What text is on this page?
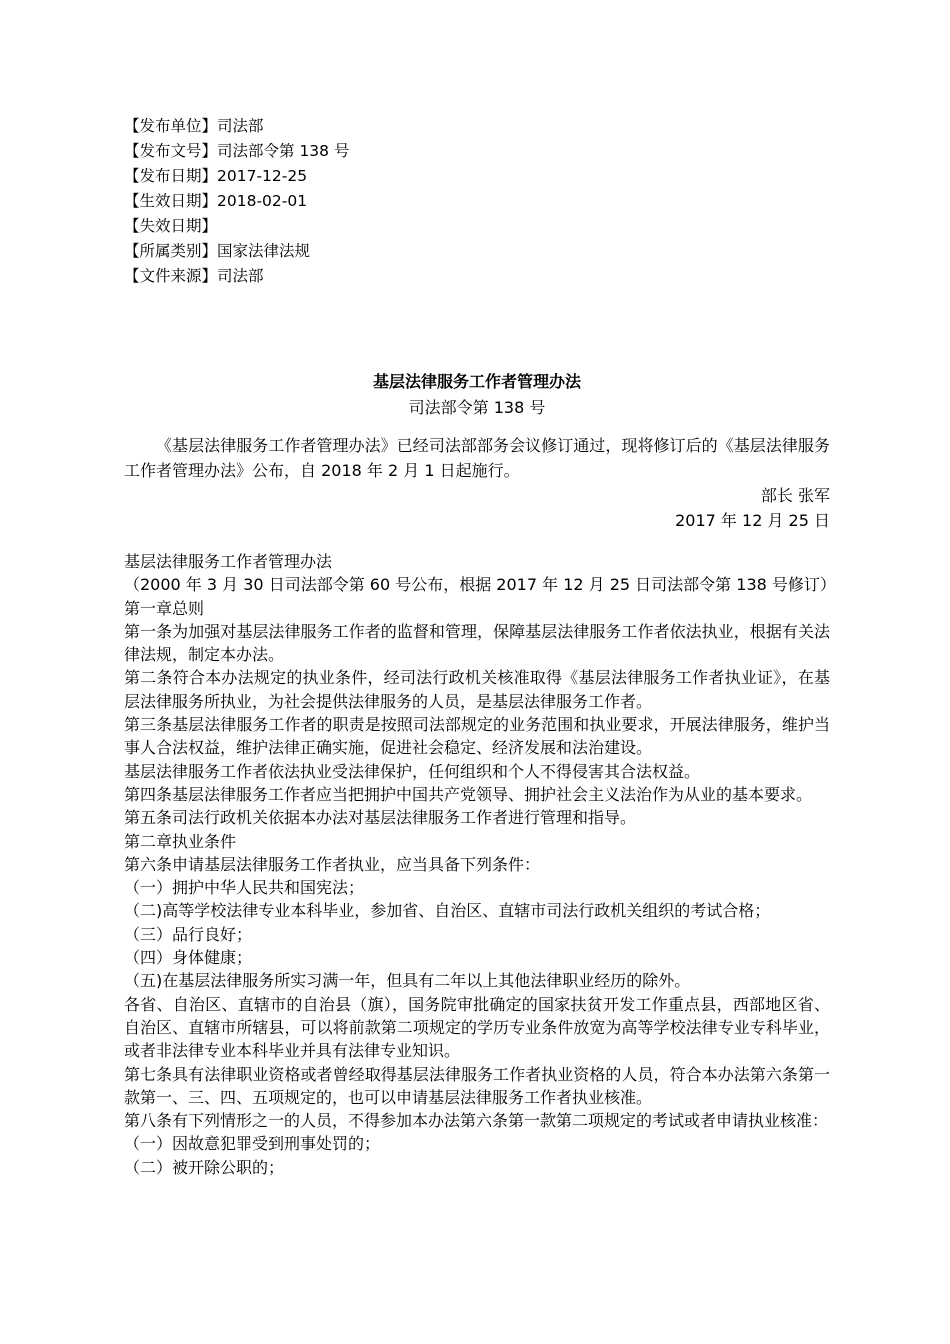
【发布单位】司法部
【发布文号】司法部令第 138 号
【发布日期】2017-12-25
【生效日期】2018-02-01
【失效日期】
【所属类别】国家法律法规
【文件来源】司法部
基层法律服务工作者管理办法
司法部令第 138 号
《基层法律服务工作者管理办法》已经司法部部务会议修订通过，现将修订后的《基层法律服务工作者管理办法》公布，自 2018 年 2 月 1 日起施行。
部长 张军
2017 年 12 月 25 日

基层法律服务工作者管理办法

（2000 年 3 月 30 日司法部令第 60 号公布，根据 2017 年 12 月 25 日司法部令第 138 号修订）

第一章总则

第一条为加强对基层法律服务工作者的监督和管理，保障基层法律服务工作者依法执业，根据有关法律法规，制定本办法。

第二条符合本办法规定的执业条件，经司法行政机关核准取得《基层法律服务工作者执业证》，在基层法律服务所执业，为社会提供法律服务的人员，是基层法律服务工作者。

第三条基层法律服务工作者的职责是按照司法部规定的业务范围和执业要求，开展法律服务，维护当事人合法权益，维护法律正确实施，促进社会稳定、经济发展和法治建设。

基层法律服务工作者依法执业受法律保护，任何组织和个人不得侵害其合法权益。

第四条基层法律服务工作者应当把拥护中国共产党领导、拥护社会主义法治作为从业的基本要求。

第五条司法行政机关依据本办法对基层法律服务工作者进行管理和指导。

第二章执业条件

第六条申请基层法律服务工作者执业，应当具备下列条件：

（一）拥护中华人民共和国宪法；

（二)高等学校法律专业本科毕业，参加省、自治区、直辖市司法行政机关组织的考试合格；

（三）品行良好；

（四）身体健康；

（五)在基层法律服务所实习满一年，但具有二年以上其他法律职业经历的除外。

各省、自治区、直辖市的自治县（旗），国务院审批确定的国家扶贫开发工作重点县，西部地区省、自治区、直辖市所辖县，可以将前款第二项规定的学历专业条件放宽为高等学校法律专业专科毕业，或者非法律专业本科毕业并具有法律专业知识。

第七条具有法律职业资格或者曾经取得基层法律服务工作者执业资格的人员，符合本办法第六条第一款第一、三、四、五项规定的，也可以申请基层法律服务工作者执业核准。

第八条有下列情形之一的人员，不得参加本办法第六条第一款第二项规定的考试或者申请执业核准：

（一）因故意犯罪受到刑事处罚的；

（二）被开除公职的；
